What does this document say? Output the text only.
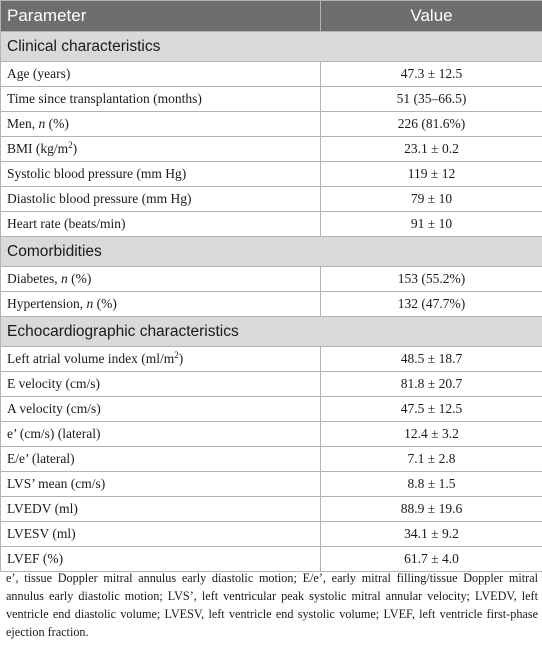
Parameter	Value
Clinical characteristics	
Age (years)	47.3 ± 12.5
Time since transplantation (months)	51 (35–66.5)
Men, n (%)	226 (81.6%)
BMI $(kg/m^2)$	23.1 ± 0.2
Systolic blood pressure (mm Hg)	119 ± 12
Diastolic blood pressure (mm Hg)	79 ± 10
Heart rate (beats/min)	91 ± 10
Comorbidities	
Diabetes, n (%)	153 (55.2%)
Hypertension, n (%)	132 (47.7%)
Echocardiographic characteristics	
Left atrial volume index $(ml/m^2)$	48.5 ± 18.7
E velocity (cm/s)	81.8 ± 20.7
A velocity (cm/s)	47.5 ± 12.5
e’ (cm/s) (lateral)	12.4 ± 3.2
E/e’ (lateral)	7.1 ± 2.8
LVS’ mean (cm/s)	8.8 ± 1.5
LVEDV (ml)	88.9 ± 19.6
LVESV (ml)	34.1 ± 9.2
LVEF (%)	61.7 ± 4.0
e’, tissue Doppler mitral annulus early diastolic motion; E/e’, early mitral filling/tissue Doppler mitral annulus early diastolic motion; LVS’, left ventricular peak systolic mitral annular velocity; LVEDV, left ventricle end diastolic volume; LVESV, left ventricle end systolic volume; LVEF, left ventricle first-phase ejection fraction.
